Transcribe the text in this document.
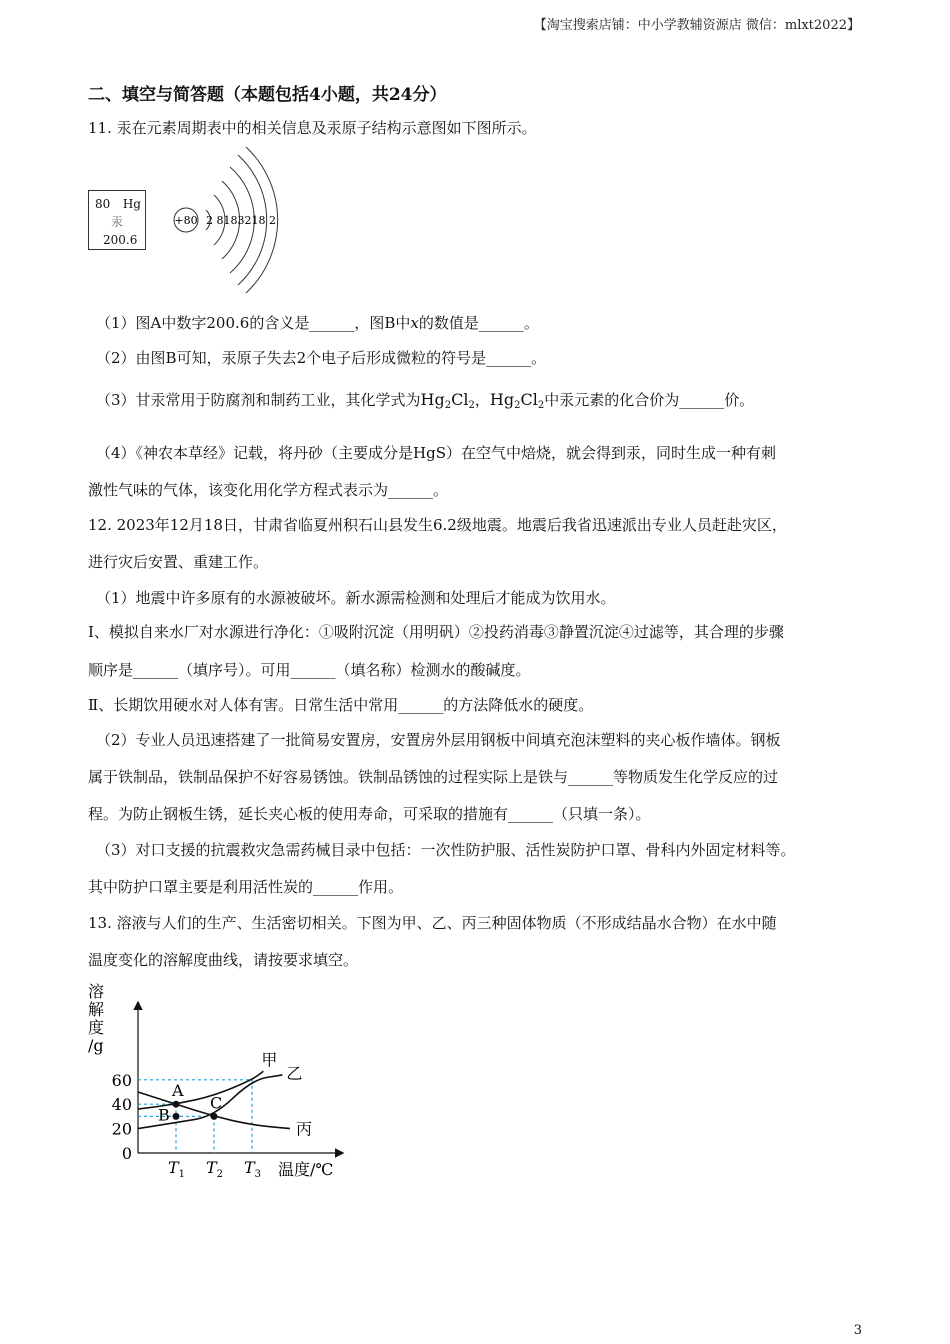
【淘宝搜索店铺：中小学教辅资源店 微信：mlxt2022】
二、填空与简答题（本题包括4小题，共24分）
11. 汞在元素周期表中的相关信息及汞原子结构示意图如下图所示。
80 Hg
汞
200.6
+80 2 8183218 2
（1）图A中数字200.6的含义是______，图B中x的数值是______。
（2）由图B可知，汞原子失去2个电子后形成微粒的符号是______。
（3）甘汞常用于防腐剂和制药工业，其化学式为$Hg_2Cl_2$，$Hg_2Cl_2$中汞元素的化合价为______价。
（4）《神农本草经》记载，将丹砂（主要成分是HgS）在空气中焙烧，就会得到汞，同时生成一种有刺
激性气味的气体，该变化用化学方程式表示为______。
12. 2023年12月18日，甘肃省临夏州积石山县发生6.2级地震。地震后我省迅速派出专业人员赶赴灾区，
进行灾后安置、重建工作。
（1）地震中许多原有的水源被破坏。新水源需检测和处理后才能成为饮用水。
Ⅰ、模拟自来水厂对水源进行净化：①吸附沉淀（用明矾）②投药消毒③静置沉淀④过滤等，其合理的步骤
顺序是______（填序号）。可用______（填名称）检测水的酸碱度。
Ⅱ、长期饮用硬水对人体有害。日常生活中常用______的方法降低水的硬度。
（2）专业人员迅速搭建了一批简易安置房，安置房外层用钢板中间填充泡沫塑料的夹心板作墙体。钢板
属于铁制品，铁制品保护不好容易锈蚀。铁制品锈蚀的过程实际上是铁与______等物质发生化学反应的过
程。为防止钢板生锈，延长夹心板的使用寿命，可采取的措施有______（只填一条）。
（3）对口支援的抗震救灾急需药械目录中包括：一次性防护服、活性炭防护口罩、骨科内外固定材料等。
其中防护口罩主要是利用活性炭的______作用。
13. 溶液与人们的生产、生活密切相关。下图为甲、乙、丙三种固体物质（不形成结晶水合物）在水中随
温度变化的溶解度曲线，请按要求填空。
溶
解
度
/g
甲
乙
丙
A
B
C
0
20
40
60
$T_1$ $T_2$ $T_3$ 温度/℃
3
